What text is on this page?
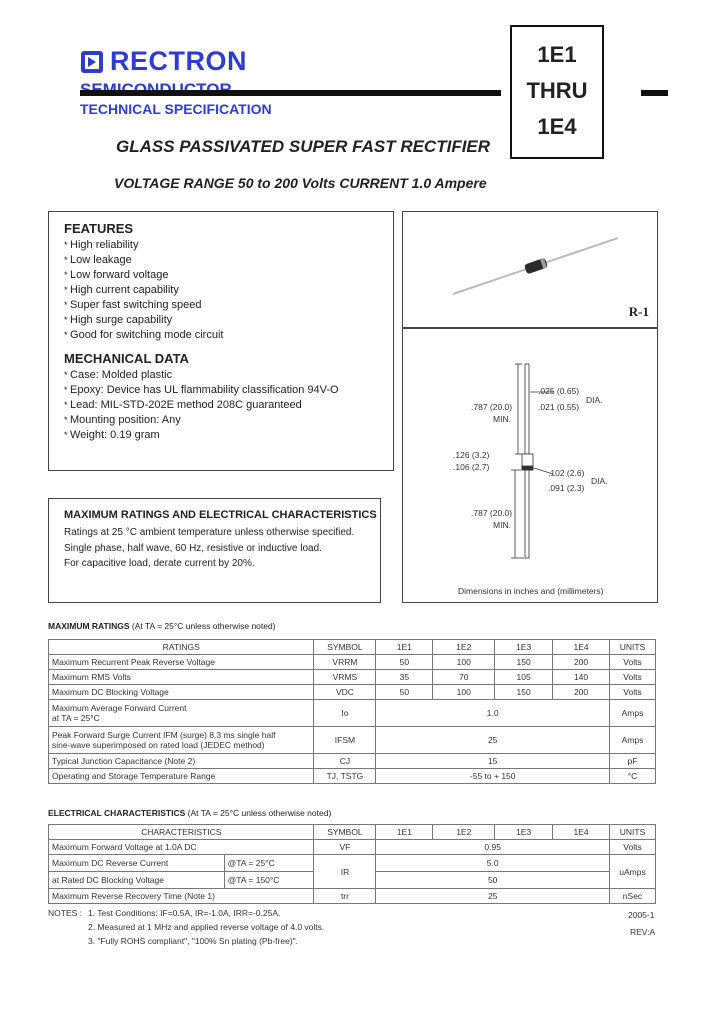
RECTRON
TECHNICAL SPECIFICATION
1E1
THRU
1E4
GLASS PASSIVATED SUPER FAST RECTIFIER
VOLTAGE RANGE 50 to 200 Volts CURRENT 1.0 Ampere
FEATURES
* High reliability
* Low leakage
* Low forward voltage
* High current capability
* Super fast switching speed
* High surge capability
* Good for switching mode circuit
MECHANICAL DATA
* Case: Molded plastic
* Epoxy: Device has UL flammability classification 94V-O
* Lead: MIL-STD-202E method 208C guaranteed
* Mounting position: Any
* Weight: 0.19 gram
R-1
.025 (0.65)
.021 (0.55)
DIA.
.787 (20.0)
MIN.
.126 (3.2)
.106 (2.7)
.102 (2.6)
.091 (2.3)
DIA.
.787 (20.0)
MIN.
Dimensions in inches and (millimeters)
MAXIMUM RATINGS AND ELECTRICAL CHARACTERISTICS

Ratings at 25 °C ambient temperature unless otherwise specified.

Single phase, half wave, 60 Hz, resistive or inductive load.

For capacitive load, derate current by 20%.

MAXIMUM RATINGS (At TA = 25°C unless otherwise noted)
RATINGS	SYMBOL	1E1	1E2	1E3	1E4	UNITS
Maximum Recurrent Peak Reverse Voltage	VRRM	50	100	150	200	Volts
Maximum RMS Volts	VRMS	35	70	105	140	Volts
Maximum DC Blocking Voltage	VDC	50	100	150	200	Volts
Maximum Average Forward Current
at TA = 25°C	Io	1.0				Amps
Peak Forward Surge Current IFM (surge) 8.3 ms single half
sine-wave superimposed on rated load (JEDEC method)	IFSM	25				Amps
Typical Junction Capacitance (Note 2)	CJ	15				pF
Operating and Storage Temperature Range	TJ, TSTG	-55 to + 150				°C
ELECTRICAL CHARACTERISTICS (At TA = 25°C unless otherwise noted)
CHARACTERISTICS		SYMBOL	1E1	1E2	1E3	1E4	UNITS
Maximum Forward Voltage at 1.0A DC		VF	0.95				Volts
Maximum DC Reverse Current	@TA = 25°C	IR	5.0				uAmps
at Rated DC Blocking Voltage	@TA = 150°C		50				
Maximum Reverse Recovery Time (Note 1)		trr	25				nSec
NOTES : 1. Test Conditions: IF=0.5A, IR=-1.0A, IRR=-0.25A.
2. Measured at 1 MHz and applied reverse voltage of 4.0 volts.
3. "Fully ROHS compliant", "100% Sn plating (Pb-free)".
2005-1
REV:A
